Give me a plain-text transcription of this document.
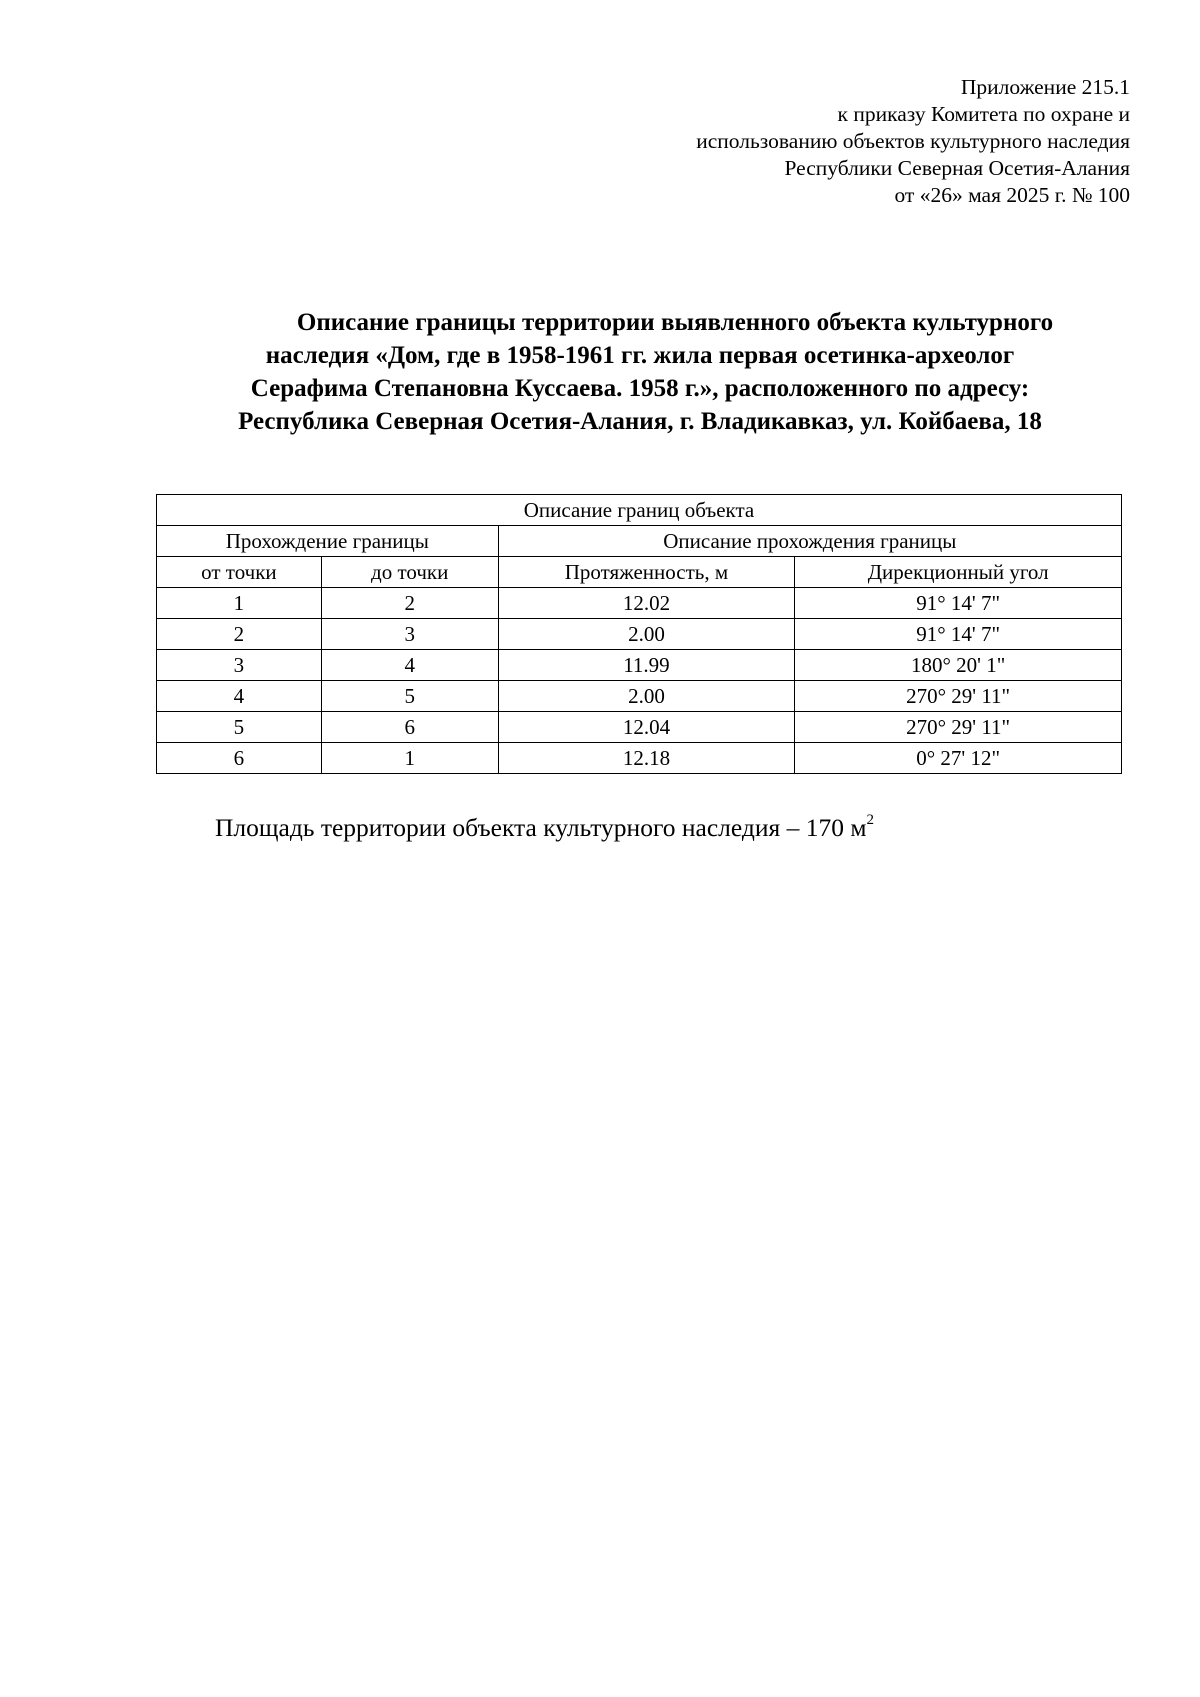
Приложение 215.1
к приказу Комитета по охране и
использованию объектов культурного наследия
Республики Северная Осетия-Алания
от «26» мая 2025 г. № 100
Описание границы территории выявленного объекта культурного
наследия «Дом, где в 1958-1961 гг. жила первая осетинка-археолог
Серафима Степановна Куссаева. 1958 г.», расположенного по адресу:
Республика Северная Осетия-Алания, г. Владикавказ, ул. Койбаева, 18
Описание границ объекта			
Прохождение границы		Описание прохождения границы	
от точки	до точки	Протяженность, м	Дирекционный угол
1	2	12.02	91° 14' 7"
2	3	2.00	91° 14' 7"
3	4	11.99	180° 20' 1"
4	5	2.00	270° 29' 11"
5	6	12.04	270° 29' 11"
6	1	12.18	0° 27' 12"
Площадь территории объекта культурного наследия – 170 $м^2$
